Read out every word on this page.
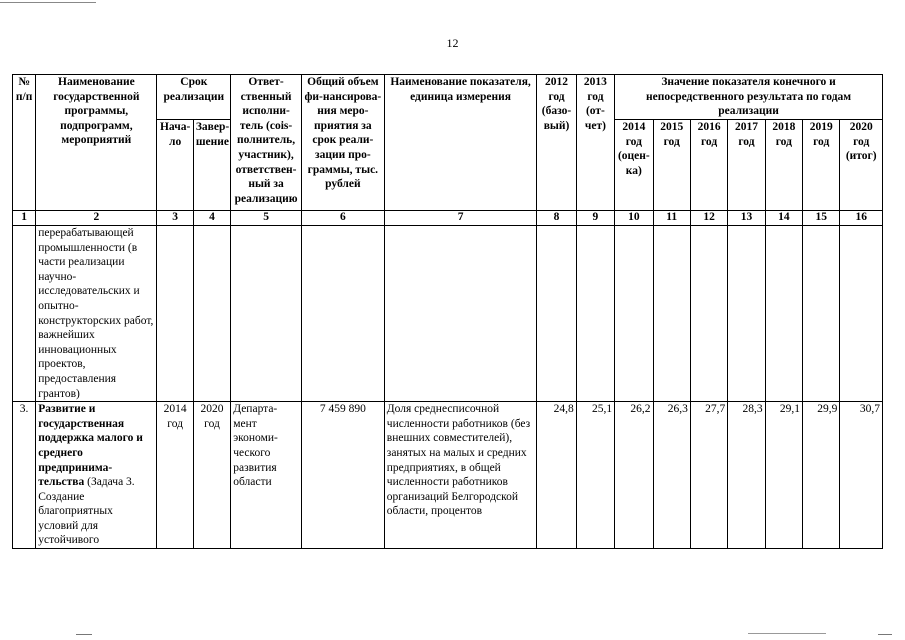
12
№ п/п	Наименование государственной программы, подпрограмм, мероприятий	Срок реализации		Ответ-ственный исполни-тель (сois-полнитель, участник), ответствен-ный за реализацию	Общий объем фи-нансирова-ния меро-приятия за срок реали-зации про-граммы, тыс. рублей	Наименование показателя, единица измерения	2012 год (базо-вый)	2013 год (от-чет)	Значение показателя конечного и непосредственного результата по годам реализации						
		Нача-ло	Завер-шение						2014 год (оцен-ка)	2015 год	2016 год	2017 год	2018 год	2019 год	2020 год (итог)
1	2	3	4	5	6	7	8	9	10	11	12	13	14	15	16
	перерабатывающей промышленности (в части реализации научно-исследовательских и опытно-конструкторских работ, важнейших инновационных проектов, предоставления грантов)														
3.	Развитие и государственная поддержка малого и среднего предпринима-тельства (Задача 3. Создание благоприятных условий для устойчивого	2014 год	2020 год	Департа-мент экономи-ческого развития области	7 459 890	Доля среднесписочной численности работников (без внешних совместителей), занятых на малых и средних предприятиях, в общей численности работников организаций Белгородской области, процентов	24,8	25,1	26,2	26,3	27,7	28,3	29,1	29,9	30,7
